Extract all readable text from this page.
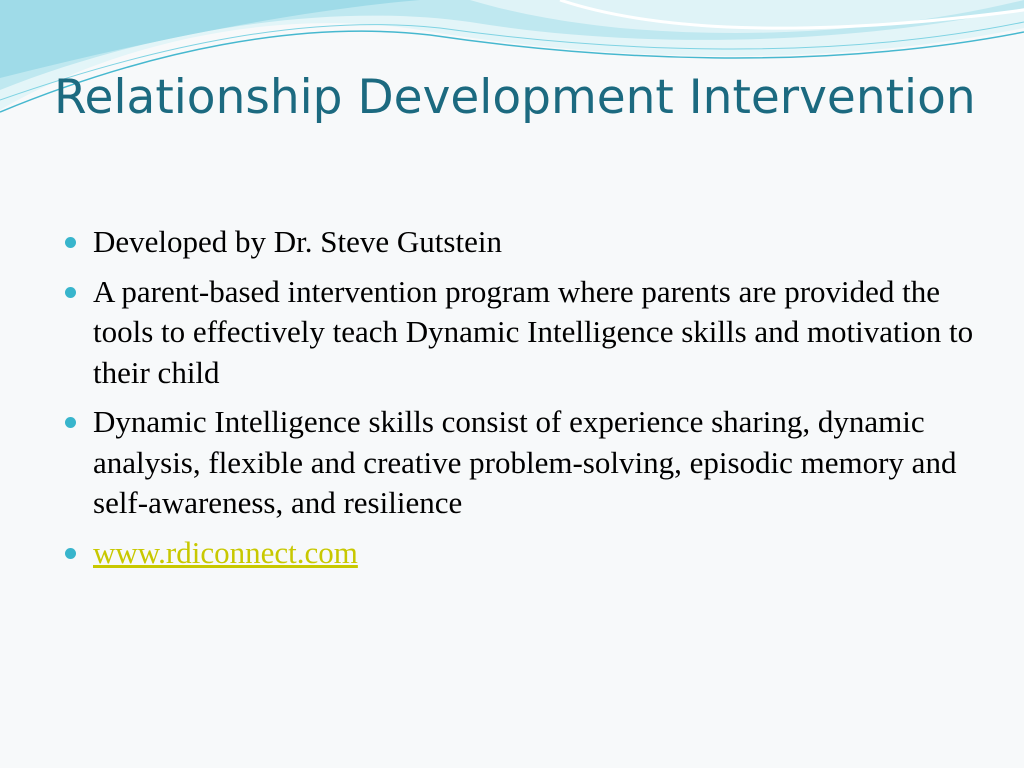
Relationship Development Intervention
Developed by Dr. Steve Gutstein
A parent-based intervention program where parents are provided the tools to effectively teach Dynamic Intelligence skills and motivation to their child
Dynamic Intelligence skills consist of experience sharing, dynamic analysis, flexible and creative problem-solving, episodic memory and self-awareness, and resilience
www.rdiconnect.com
